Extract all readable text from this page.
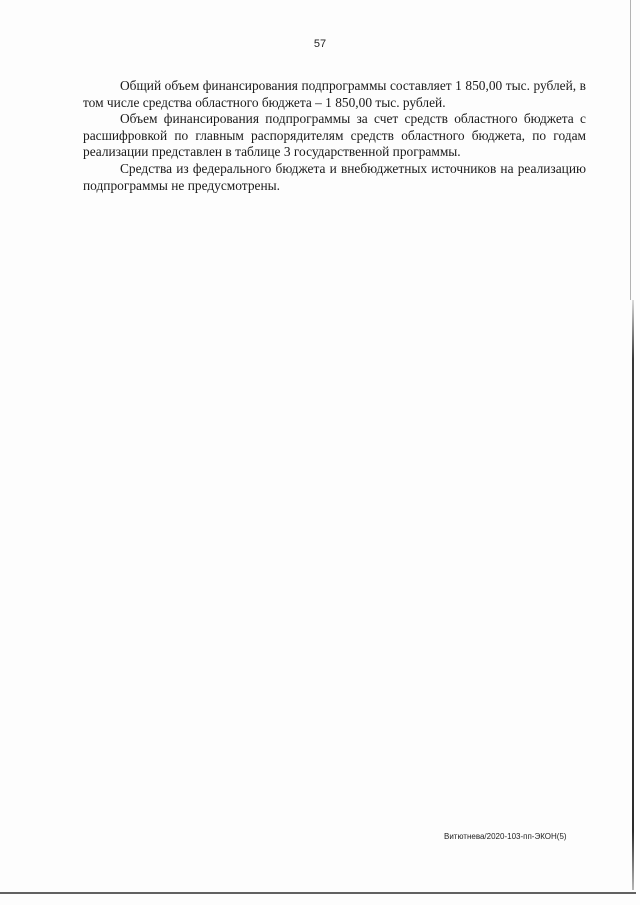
57

Общий объем финансирования подпрограммы составляет 1 850,00 тыс. рублей, в том числе средства областного бюджета – 1 850,00 тыс. рублей.

Объем финансирования подпрограммы за счет средств областного бюджета с расшифровкой по главным распорядителям средств областного бюджета, по годам реализации представлен в таблице 3 государственной программы.

Средства из федерального бюджета и внебюджетных источников на реализацию подпрограммы не предусмотрены.

Витютнева/2020-103-пп-ЭКОН(5)
